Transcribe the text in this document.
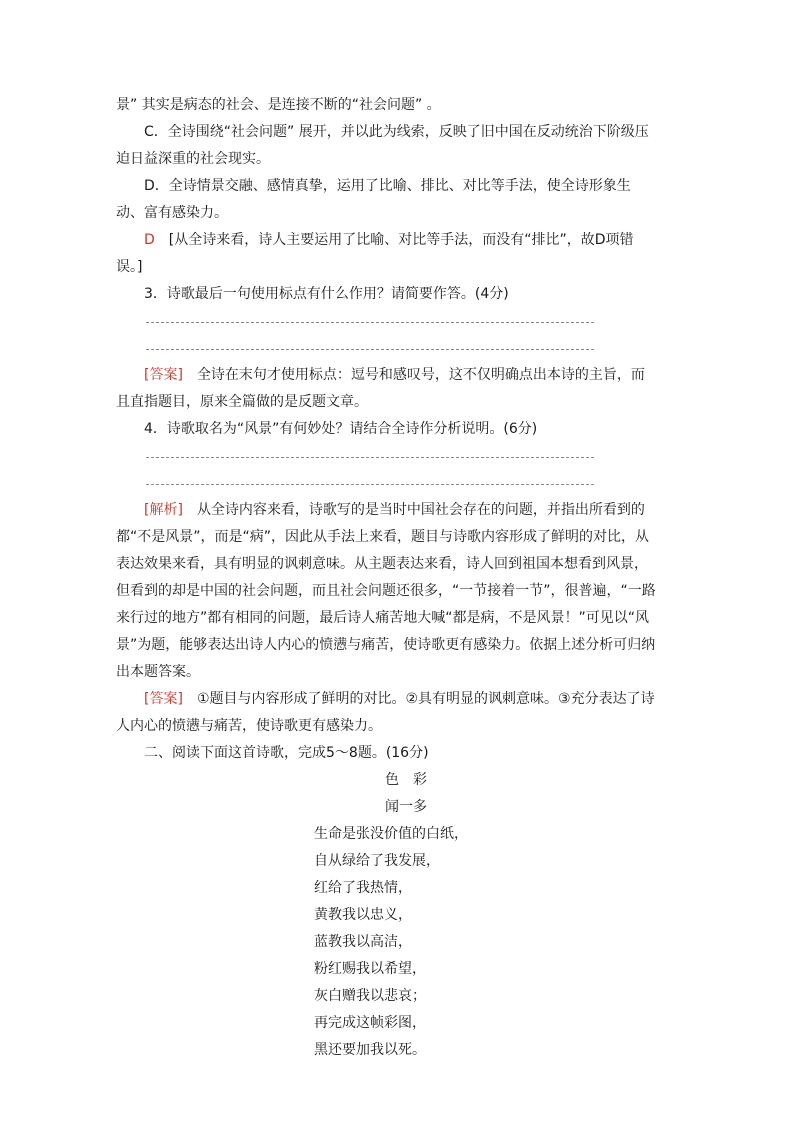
景” 其实是病态的社会、是连接不断的“社会问题” 。

C．全诗围绕“社会问题” 展开，并以此为线索，反映了旧中国在反动统治下阶级压迫日益深重的社会现实。

D．全诗情景交融、感情真挚，运用了比喻、排比、对比等手法，使全诗形象生动、富有感染力。

D　 [从全诗来看，诗人主要运用了比喻、对比等手法，而没有“排比”，故D项错误。]

3．诗歌最后一句使用标点有什么作用？请简要作答。(4分)

[答案]　 全诗在末句才使用标点：逗号和感叹号，这不仅明确点出本诗的主旨，而且直指题目，原来全篇做的是反题文章。

4．诗歌取名为“风景”有何妙处？请结合全诗作分析说明。(6分)

[解析]　 从全诗内容来看，诗歌写的是当时中国社会存在的问题，并指出所看到的都“不是风景”，而是“病”，因此从手法上来看，题目与诗歌内容形成了鲜明的对比，从表达效果来看，具有明显的讽刺意味。从主题表达来看，诗人回到祖国本想看到风景，但看到的却是中国的社会问题，而且社会问题还很多，“一节接着一节”，很普遍，“一路来行过的地方”都有相同的问题，最后诗人痛苦地大喊“都是病，不是风景！”可见以“风景”为题，能够表达出诗人内心的愤懑与痛苦，使诗歌更有感染力。依据上述分析可归纳出本题答案。

[答案]　 ①题目与内容形成了鲜明的对比。②具有明显的讽刺意味。③充分表达了诗人内心的愤懑与痛苦，使诗歌更有感染力。

二、阅读下面这首诗歌，完成5～8题。(16分)

色　彩

闻一多

生命是张没价值的白纸，
自从绿给了我发展，
红给了我热情，
黄教我以忠义，
蓝教我以高洁，
粉红赐我以希望，
灰白赠我以悲哀；
再完成这帧彩图，
黑还要加我以死。
